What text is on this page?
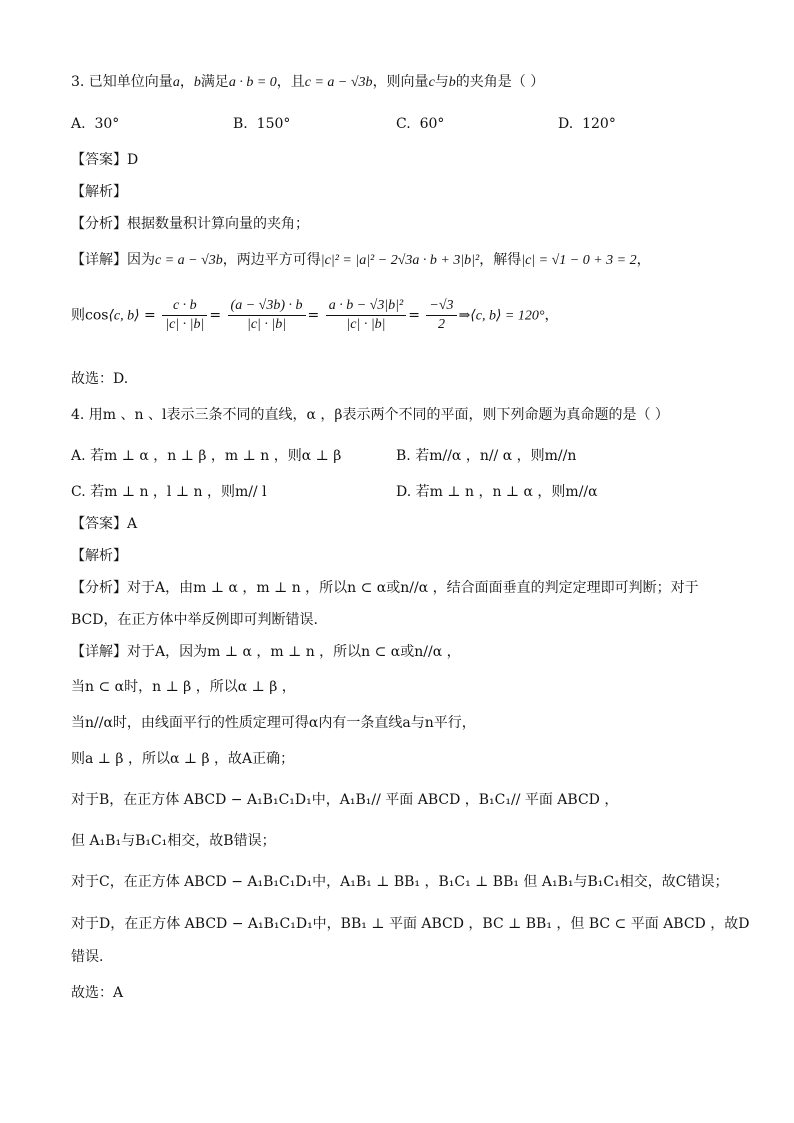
3. 已知单位向量a，b满足a · b = 0，且c = a − √3b，则向量c与b的夹角是（ ）
A. 30°	B. 150°	C. 60°	D. 120°
【答案】D
【解析】
【分析】根据数量积计算向量的夹角；
【详解】因为c = a − √3b，两边平方可得|c|² = |a|² − 2√3a · b + 3|b|²，解得|c| = √1 − 0 + 3 = 2，
则cos⟨c, b⟩ = $\frac{c \cdot b}{|c| \cdot |b|} = \frac{(a - √3b) \cdot b}{|c| \cdot |b|} = \frac{\text{a · b − √3|b|²}}{|c| \cdot |b|} = \frac{-√3}{2}$ ⇒⟨c, b⟩ = 120°，
故选：D.
4. 用m 、n 、l表示三条不同的直线，α ，β表示两个不同的平面，则下列命题为真命题的是（ ）
A. 若m ⊥ α ，n ⊥ β ，m ⊥ n ，则α ⊥ β	B. 若m//α ，n// α ，则m//n
C. 若m ⊥ n ，l ⊥ n ，则m// l	D. 若m ⊥ n ，n ⊥ α ，则m//α
【答案】A
【解析】
【分析】对于A，由m ⊥ α ，m ⊥ n ，所以n ⊂ α或n//α ，结合面面垂直的判定定理即可判断；对于
BCD，在正方体中举反例即可判断错误.
【详解】对于A，因为m ⊥ α ，m ⊥ n ，所以n ⊂ α或n//α ，
当n ⊂ α时，n ⊥ β ，所以α ⊥ β ，
当n//α时，由线面平行的性质定理可得α内有一条直线a与n平行，
则a ⊥ β ，所以α ⊥ β ，故A正确；
对于B，在正方体 ABCD − A₁B₁C₁D₁中，A₁B₁// 平面 ABCD ，B₁C₁// 平面 ABCD ，
但 A₁B₁与B₁C₁相交，故B错误；
对于C，在正方体 ABCD − A₁B₁C₁D₁中，A₁B₁ ⊥ BB₁ ，B₁C₁ ⊥ BB₁ 但 A₁B₁与B₁C₁相交，故C错误；
对于D，在正方体 ABCD − A₁B₁C₁D₁中，BB₁ ⊥ 平面 ABCD ，BC ⊥ BB₁ ，但 BC ⊂ 平面 ABCD ，故D
错误.
故选：A
